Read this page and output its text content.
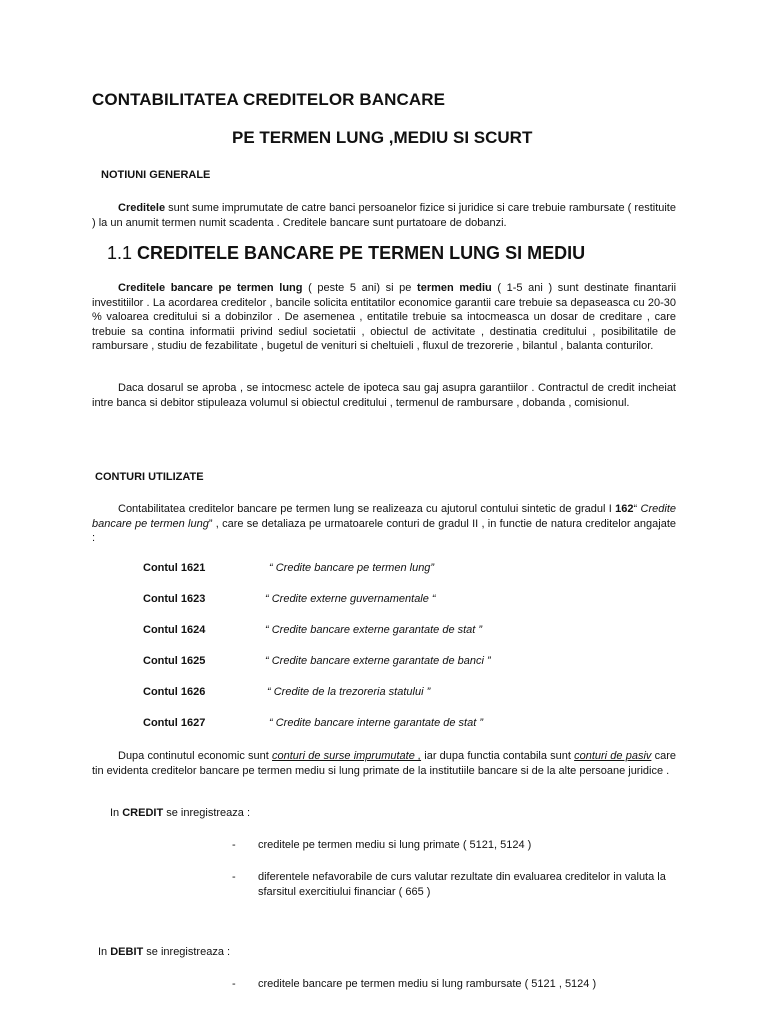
CONTABILITATEA CREDITELOR BANCARE
PE TERMEN LUNG ,MEDIU SI SCURT
NOTIUNI GENERALE

Creditele sunt sume imprumutate de catre banci persoanelor fizice si juridice si care trebuie rambursate ( restituite ) la un anumit termen numit scadenta . Creditele bancare sunt purtatoare de dobanzi.

1.1 CREDITELE BANCARE PE TERMEN LUNG SI MEDIU

Creditele bancare pe termen lung ( peste 5 ani) si pe termen mediu ( 1-5 ani ) sunt destinate finantarii investitiilor . La acordarea creditelor , bancile solicita entitatilor economice garantii care trebuie sa depaseasca cu 20-30 % valoarea creditului si a dobinzilor . De asemenea , entitatile trebuie sa intocmeasca un dosar de creditare , care trebuie sa contina informatii privind sediul societatii , obiectul de activitate , destinatia creditului , posibilitatile de rambursare , studiu de fezabilitate , bugetul de venituri si cheltuieli , fluxul de trezorerie , bilantul , balanta conturilor.

Daca dosarul se aproba , se intocmesc actele de ipoteca sau gaj asupra garantiilor . Contractul de credit incheiat intre banca si debitor stipuleaza volumul si obiectul creditului , termenul de rambursare , dobanda , comisionul.

CONTURI UTILIZATE

Contabilitatea creditelor bancare pe termen lung se realizeaza cu ajutorul contului sintetic de gradul I 162“ Credite bancare pe termen lung” , care se detaliaza pe urmatoarele conturi de gradul II , in functie de natura creditelor angajate :

Contul 1621	“ Credite bancare pe termen lung”
Contul 1623	“ Credite externe guvernamentale “
Contul 1624	“ Credite bancare externe garantate de stat ”
Contul 1625	“ Credite bancare externe garantate de banci ”
Contul 1626	“ Credite de la trezoreria statului ”
Contul 1627	“ Credite bancare interne garantate de stat ”

Dupa continutul economic sunt conturi de surse imprumutate , iar dupa functia contabila sunt conturi de pasiv care tin evidenta creditelor bancare pe termen mediu si lung primate de la institutiile bancare si de la alte persoane juridice .

In CREDIT se inregistreaza :
- creditele pe termen mediu si lung primate ( 5121, 5124 )
- diferentele nefavorabile de curs valutar rezultate din evaluarea creditelor in valuta la sfarsitul exercitiului financiar ( 665 )
In DEBIT se inregistreaza :
- creditele bancare pe termen mediu si lung rambursate ( 5121 , 5124 )
